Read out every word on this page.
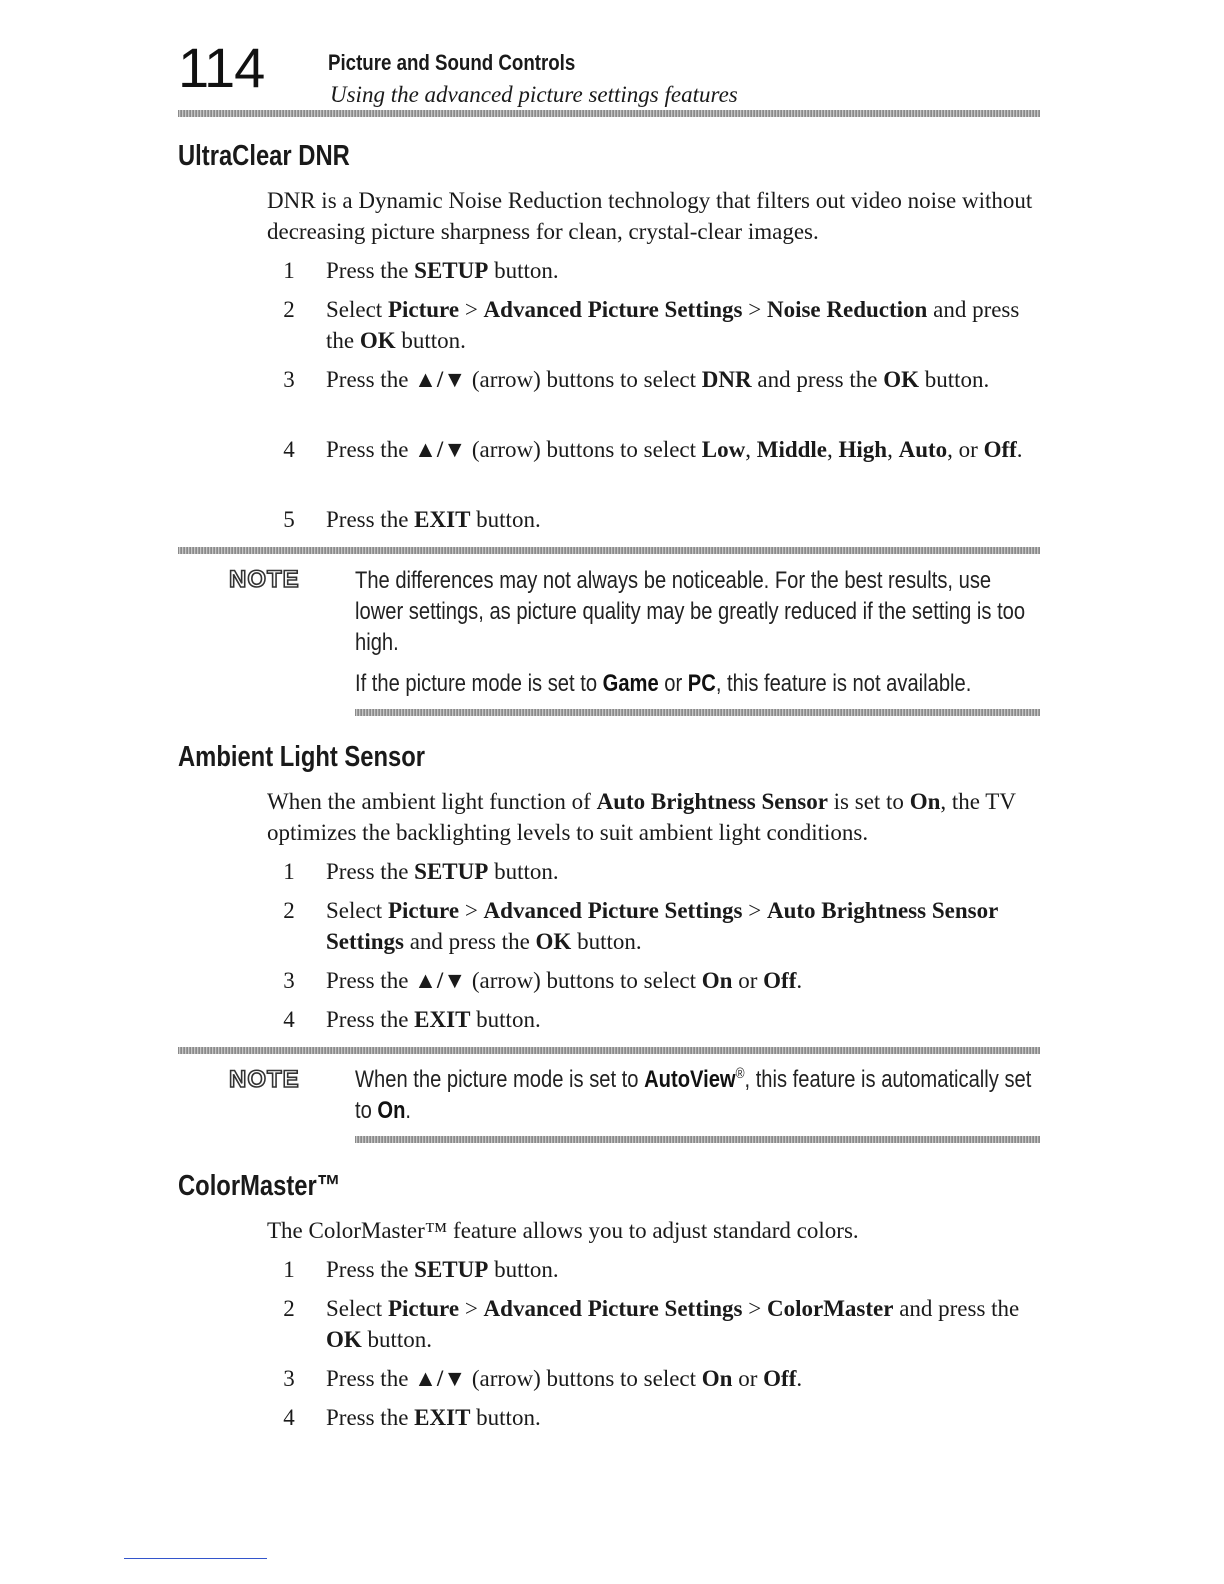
114	Picture and Sound Controls
Using the advanced picture settings features
UltraClear DNR
DNR is a Dynamic Noise Reduction technology that filters out video noise without decreasing picture sharpness for clean, crystal-clear images.
1 Press the SETUP button.
2 Select Picture > Advanced Picture Settings > Noise Reduction and press the OK button.
3 Press the ▲/▼ (arrow) buttons to select DNR and press the OK button.
4 Press the ▲/▼ (arrow) buttons to select Low, Middle, High, Auto, or Off.
5 Press the EXIT button.
NOTE The differences may not always be noticeable. For the best results, use lower settings, as picture quality may be greatly reduced if the setting is too high.
If the picture mode is set to Game or PC, this feature is not available.
Ambient Light Sensor
When the ambient light function of Auto Brightness Sensor is set to On, the TV optimizes the backlighting levels to suit ambient light conditions.
1 Press the SETUP button.
2 Select Picture > Advanced Picture Settings > Auto Brightness Sensor Settings and press the OK button.
3 Press the ▲/▼ (arrow) buttons to select On or Off.
4 Press the EXIT button.
NOTE When the picture mode is set to AutoView®, this feature is automatically set to On.
ColorMaster™
The ColorMaster™ feature allows you to adjust standard colors.
1 Press the SETUP button.
2 Select Picture > Advanced Picture Settings > ColorMaster and press the OK button.
3 Press the ▲/▼ (arrow) buttons to select On or Off.
4 Press the EXIT button.
